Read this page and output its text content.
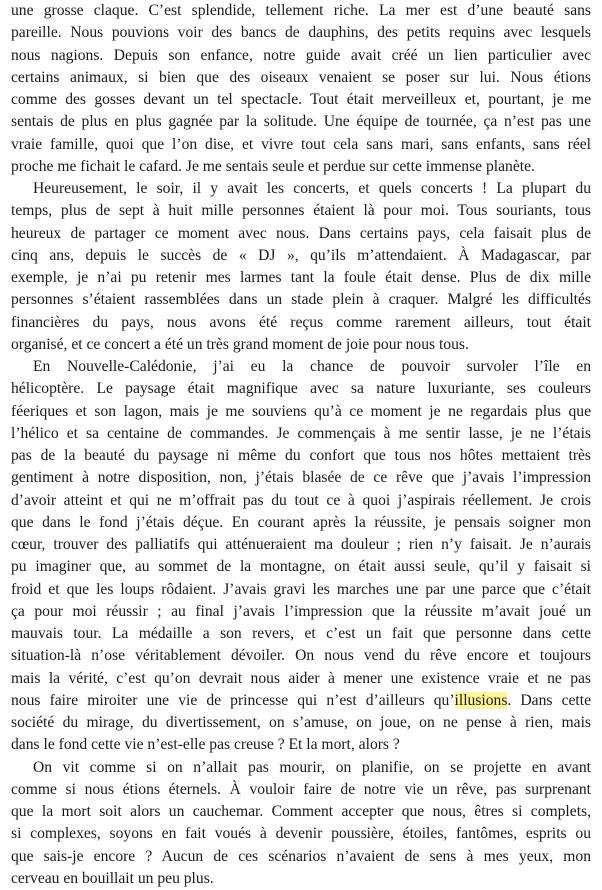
une grosse claque. C’est splendide, tellement riche. La mer est d’une beauté sans
pareille. Nous pouvions voir des bancs de dauphins, des petits requins avec lesquels
nous nagions. Depuis son enfance, notre guide avait créé un lien particulier avec
certains animaux, si bien que des oiseaux venaient se poser sur lui. Nous étions
comme des gosses devant un tel spectacle. Tout était merveilleux et, pourtant, je me
sentais de plus en plus gagnée par la solitude. Une équipe de tournée, ça n’est pas une
vraie famille, quoi que l’on dise, et vivre tout cela sans mari, sans enfants, sans réel
proche me fichait le cafard. Je me sentais seule et perdue sur cette immense planète.
Heureusement, le soir, il y avait les concerts, et quels concerts ! La plupart du
temps, plus de sept à huit mille personnes étaient là pour moi. Tous souriants, tous
heureux de partager ce moment avec nous. Dans certains pays, cela faisait plus de
cinq ans, depuis le succès de « DJ », qu’ils m’attendaient. À Madagascar, par
exemple, je n’ai pu retenir mes larmes tant la foule était dense. Plus de dix mille
personnes s’étaient rassemblées dans un stade plein à craquer. Malgré les difficultés
financières du pays, nous avons été reçus comme rarement ailleurs, tout était
organisé, et ce concert a été un très grand moment de joie pour nous tous.
En Nouvelle-Calédonie, j’ai eu la chance de pouvoir survoler l’île en
hélicoptère. Le paysage était magnifique avec sa nature luxuriante, ses couleurs
féeriques et son lagon, mais je me souviens qu’à ce moment je ne regardais plus que
l’hélico et sa centaine de commandes. Je commençais à me sentir lasse, je ne l’étais
pas de la beauté du paysage ni même du confort que tous nos hôtes mettaient très
gentiment à notre disposition, non, j’étais blasée de ce rêve que j’avais l’impression
d’avoir atteint et qui ne m’offrait pas du tout ce à quoi j’aspirais réellement. Je crois
que dans le fond j’étais déçue. En courant après la réussite, je pensais soigner mon
cœur, trouver des palliatifs qui atténueraient ma douleur ; rien n’y faisait. Je n’aurais
pu imaginer que, au sommet de la montagne, on était aussi seule, qu’il y faisait si
froid et que les loups rôdaient. J’avais gravi les marches une par une parce que c’était
ça pour moi réussir ; au final j’avais l’impression que la réussite m’avait joué un
mauvais tour. La médaille a son revers, et c’est un fait que personne dans cette
situation-là n’ose véritablement dévoiler. On nous vend du rêve encore et toujours
mais la vérité, c’est qu’on devrait nous aider à mener une existence vraie et ne pas
nous faire miroiter une vie de princesse qui n’est d’ailleurs qu’illusions. Dans cette
société du mirage, du divertissement, on s’amuse, on joue, on ne pense à rien, mais
dans le fond cette vie n’est-elle pas creuse ? Et la mort, alors ?
On vit comme si on n’allait pas mourir, on planifie, on se projette en avant
comme si nous étions éternels. À vouloir faire de notre vie un rêve, pas surprenant
que la mort soit alors un cauchemar. Comment accepter que nous, êtres si complets,
si complexes, soyons en fait voués à devenir poussière, étoiles, fantômes, esprits ou
que sais-je encore ? Aucun de ces scénarios n’avaient de sens à mes yeux, mon
cerveau en bouillait un peu plus.
